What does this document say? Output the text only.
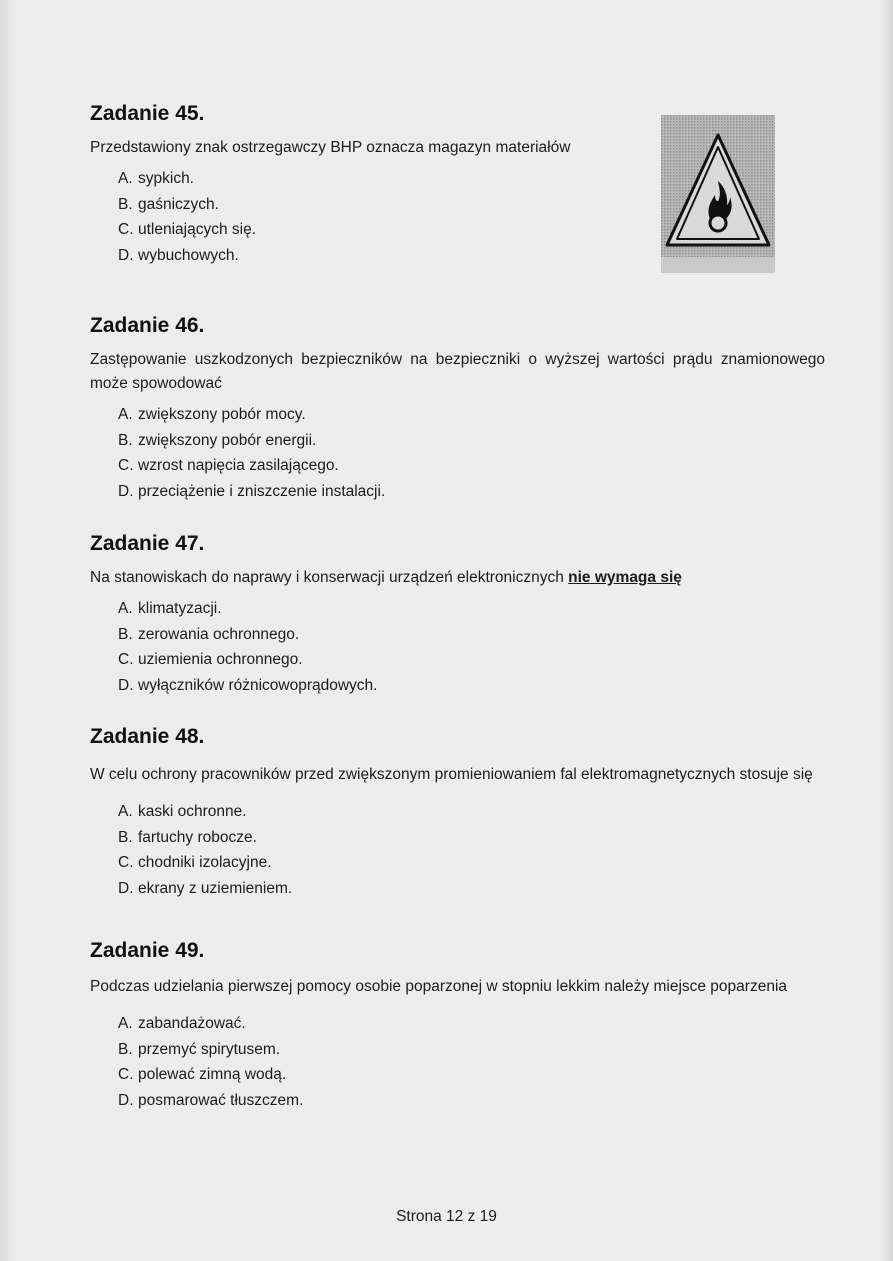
Zadanie 45.

Przedstawiony znak ostrzegawczy BHP oznacza magazyn materiałów

A. sypkich.
B. gaśniczych.
C. utleniających się.
D. wybuchowych.
Zadanie 46.

Zastępowanie uszkodzonych bezpieczników na bezpieczniki o wyższej wartości prądu znamionowego może spowodować

A. zwiększony pobór mocy.
B. zwiększony pobór energii.
C. wzrost napięcia zasilającego.
D. przeciążenie i zniszczenie instalacji.
Zadanie 47.

Na stanowiskach do naprawy i konserwacji urządzeń elektronicznych nie wymaga się

A. klimatyzacji.
B. zerowania ochronnego.
C. uziemienia ochronnego.
D. wyłączników różnicowoprądowych.
Zadanie 48.

W celu ochrony pracowników przed zwiększonym promieniowaniem fal elektromagnetycznych stosuje się

A. kaski ochronne.
B. fartuchy robocze.
C. chodniki izolacyjne.
D. ekrany z uziemieniem.
Zadanie 49.

Podczas udzielania pierwszej pomocy osobie poparzonej w stopniu lekkim należy miejsce poparzenia

A. zabandażować.
B. przemyć spirytusem.
C. polewać zimną wodą.
D. posmarować tłuszczem.
Strona 12 z 19
